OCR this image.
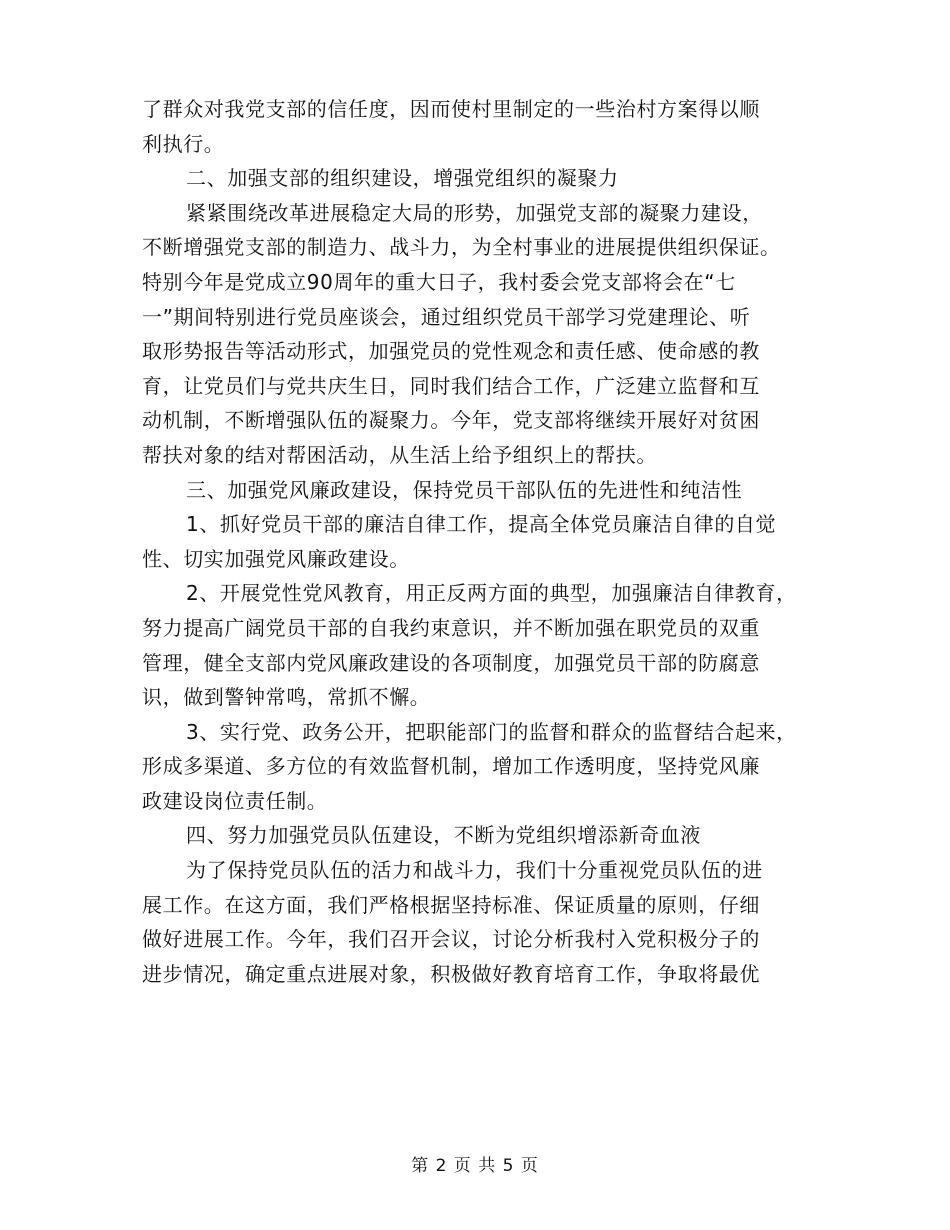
了群众对我党支部的信任度，因而使村里制定的一些治村方案得以顺
利执行。
二、加强支部的组织建设，增强党组织的凝聚力
紧紧围绕改革进展稳定大局的形势，加强党支部的凝聚力建设，
不断增强党支部的制造力、战斗力，为全村事业的进展提供组织保证。
特别今年是党成立90周年的重大日子，我村委会党支部将会在“七
一”期间特别进行党员座谈会，通过组织党员干部学习党建理论、听
取形势报告等活动形式，加强党员的党性观念和责任感、使命感的教
育，让党员们与党共庆生日，同时我们结合工作，广泛建立监督和互
动机制，不断增强队伍的凝聚力。今年，党支部将继续开展好对贫困
帮扶对象的结对帮困活动，从生活上给予组织上的帮扶。
三、加强党风廉政建设，保持党员干部队伍的先进性和纯洁性
1、抓好党员干部的廉洁自律工作，提高全体党员廉洁自律的自觉
性、切实加强党风廉政建设。
2、开展党性党风教育，用正反两方面的典型，加强廉洁自律教育，
努力提高广阔党员干部的自我约束意识，并不断加强在职党员的双重
管理，健全支部内党风廉政建设的各项制度，加强党员干部的防腐意
识，做到警钟常鸣，常抓不懈。
3、实行党、政务公开，把职能部门的监督和群众的监督结合起来，
形成多渠道、多方位的有效监督机制，增加工作透明度，坚持党风廉
政建设岗位责任制。
四、努力加强党员队伍建设，不断为党组织增添新奇血液
为了保持党员队伍的活力和战斗力，我们十分重视党员队伍的进
展工作。在这方面，我们严格根据坚持标准、保证质量的原则，仔细
做好进展工作。今年，我们召开会议，讨论分析我村入党积极分子的
进步情况，确定重点进展对象，积极做好教育培育工作，争取将最优
第 2 页 共 5 页
